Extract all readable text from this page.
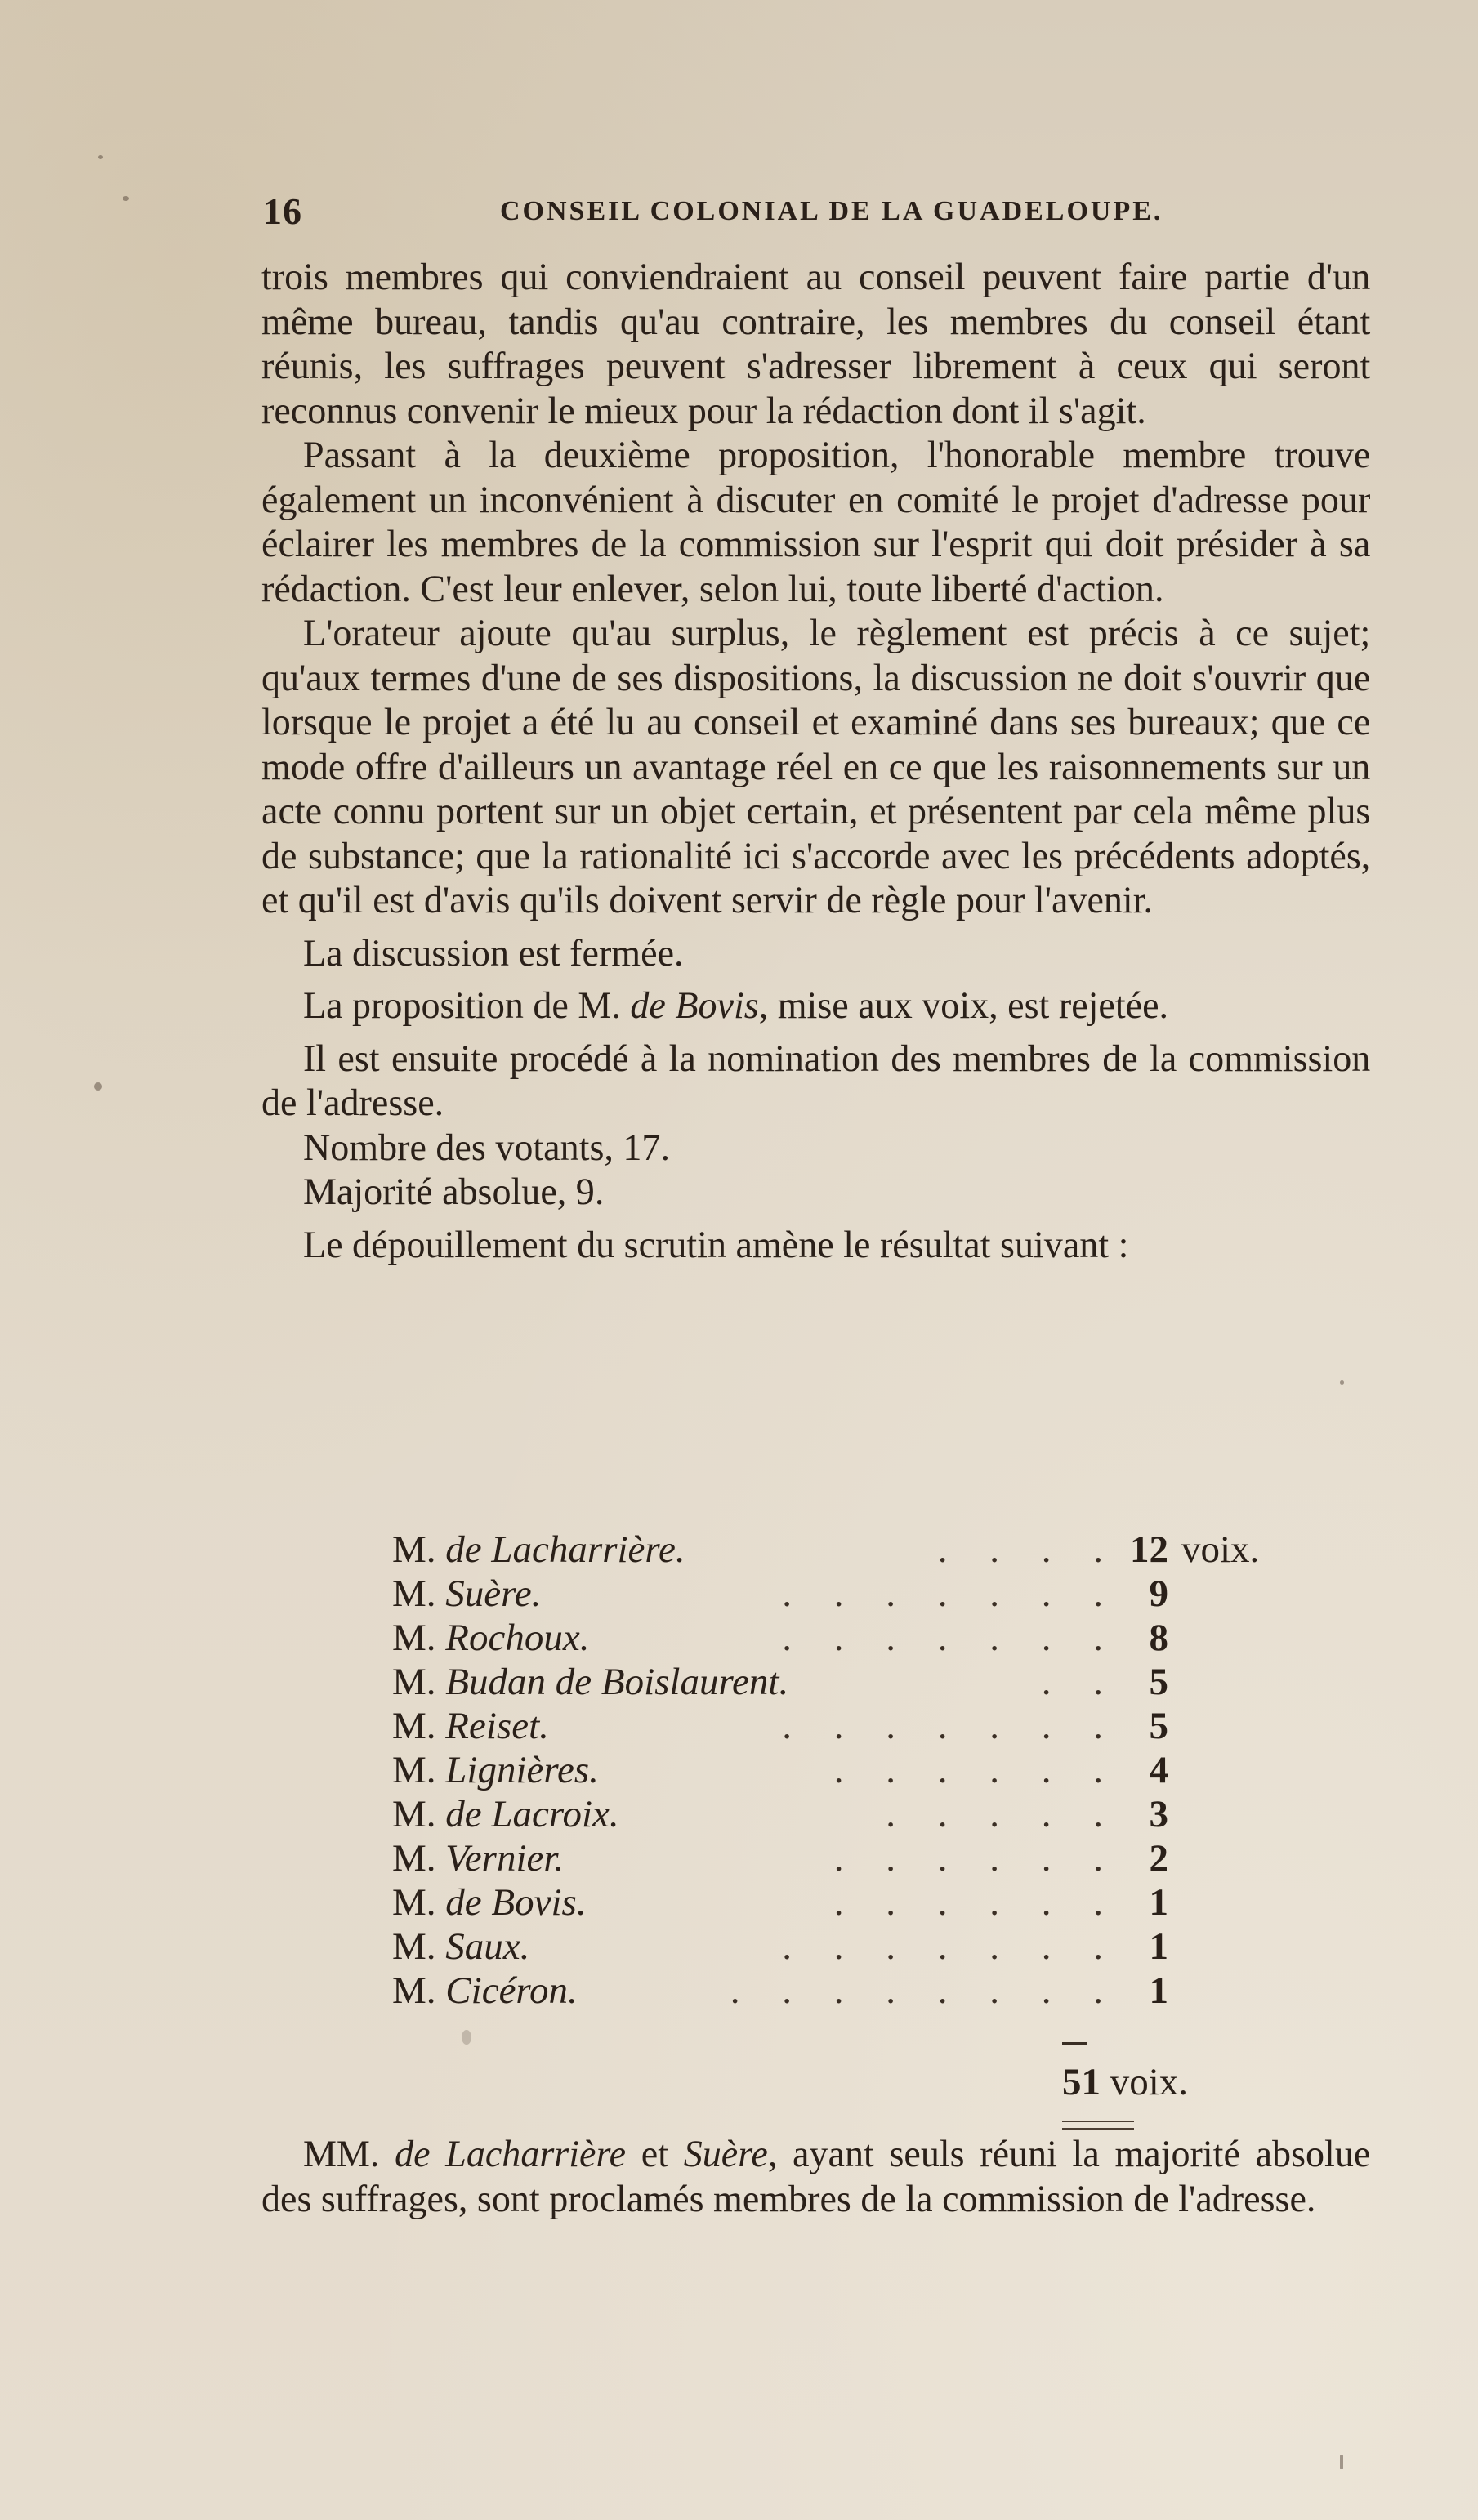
16	CONSEIL COLONIAL DE LA GUADELOUPE.

trois membres qui conviendraient au conseil peuvent faire partie d'un même bureau, tandis qu'au contraire, les membres du conseil étant réunis, les suffrages peuvent s'adresser librement à ceux qui seront reconnus convenir le mieux pour la rédaction dont il s'agit.

Passant à la deuxième proposition, l'honorable membre trouve également un inconvénient à discuter en comité le projet d'adresse pour éclairer les membres de la commission sur l'esprit qui doit présider à sa rédaction. C'est leur enlever, selon lui, toute liberté d'action.

L'orateur ajoute qu'au surplus, le règlement est précis à ce sujet; qu'aux termes d'une de ses dispositions, la discussion ne doit s'ouvrir que lorsque le projet a été lu au conseil et examiné dans ses bureaux; que ce mode offre d'ailleurs un avantage réel en ce que les raisonnements sur un acte connu portent sur un objet certain, et présentent par cela même plus de substance; que la rationalité ici s'accorde avec les précédents adoptés, et qu'il est d'avis qu'ils doivent servir de règle pour l'avenir.

La discussion est fermée.

La proposition de M. de Bovis, mise aux voix, est rejetée.

Il est ensuite procédé à la nomination des membres de la commission de l'adresse.

Nombre des votants, 17.

Majorité absolue, 9.

Le dépouillement du scrutin amène le résultat suivant :

M. de Lacharrière.	. . . . 12 voix.
M. Suère.	. . . . . . . 9
M. Rochoux.	. . . . . . . 8
M. Budan de Boislaurent.	. . 5
M. Reiset.	. . . . . . . 5
M. Lignières.	. . . . . . 4
M. de Lacroix.	. . . . . 3
M. Vernier.	. . . . . . 2
M. de Bovis.	. . . . . . 1
M. Saux.	. . . . . . . 1
M. Cicéron.	. . . . . . . . 1
51 voix.

MM. de Lacharrière et Suère, ayant seuls réuni la majorité absolue des suffrages, sont proclamés membres de la commission de l'adresse.
